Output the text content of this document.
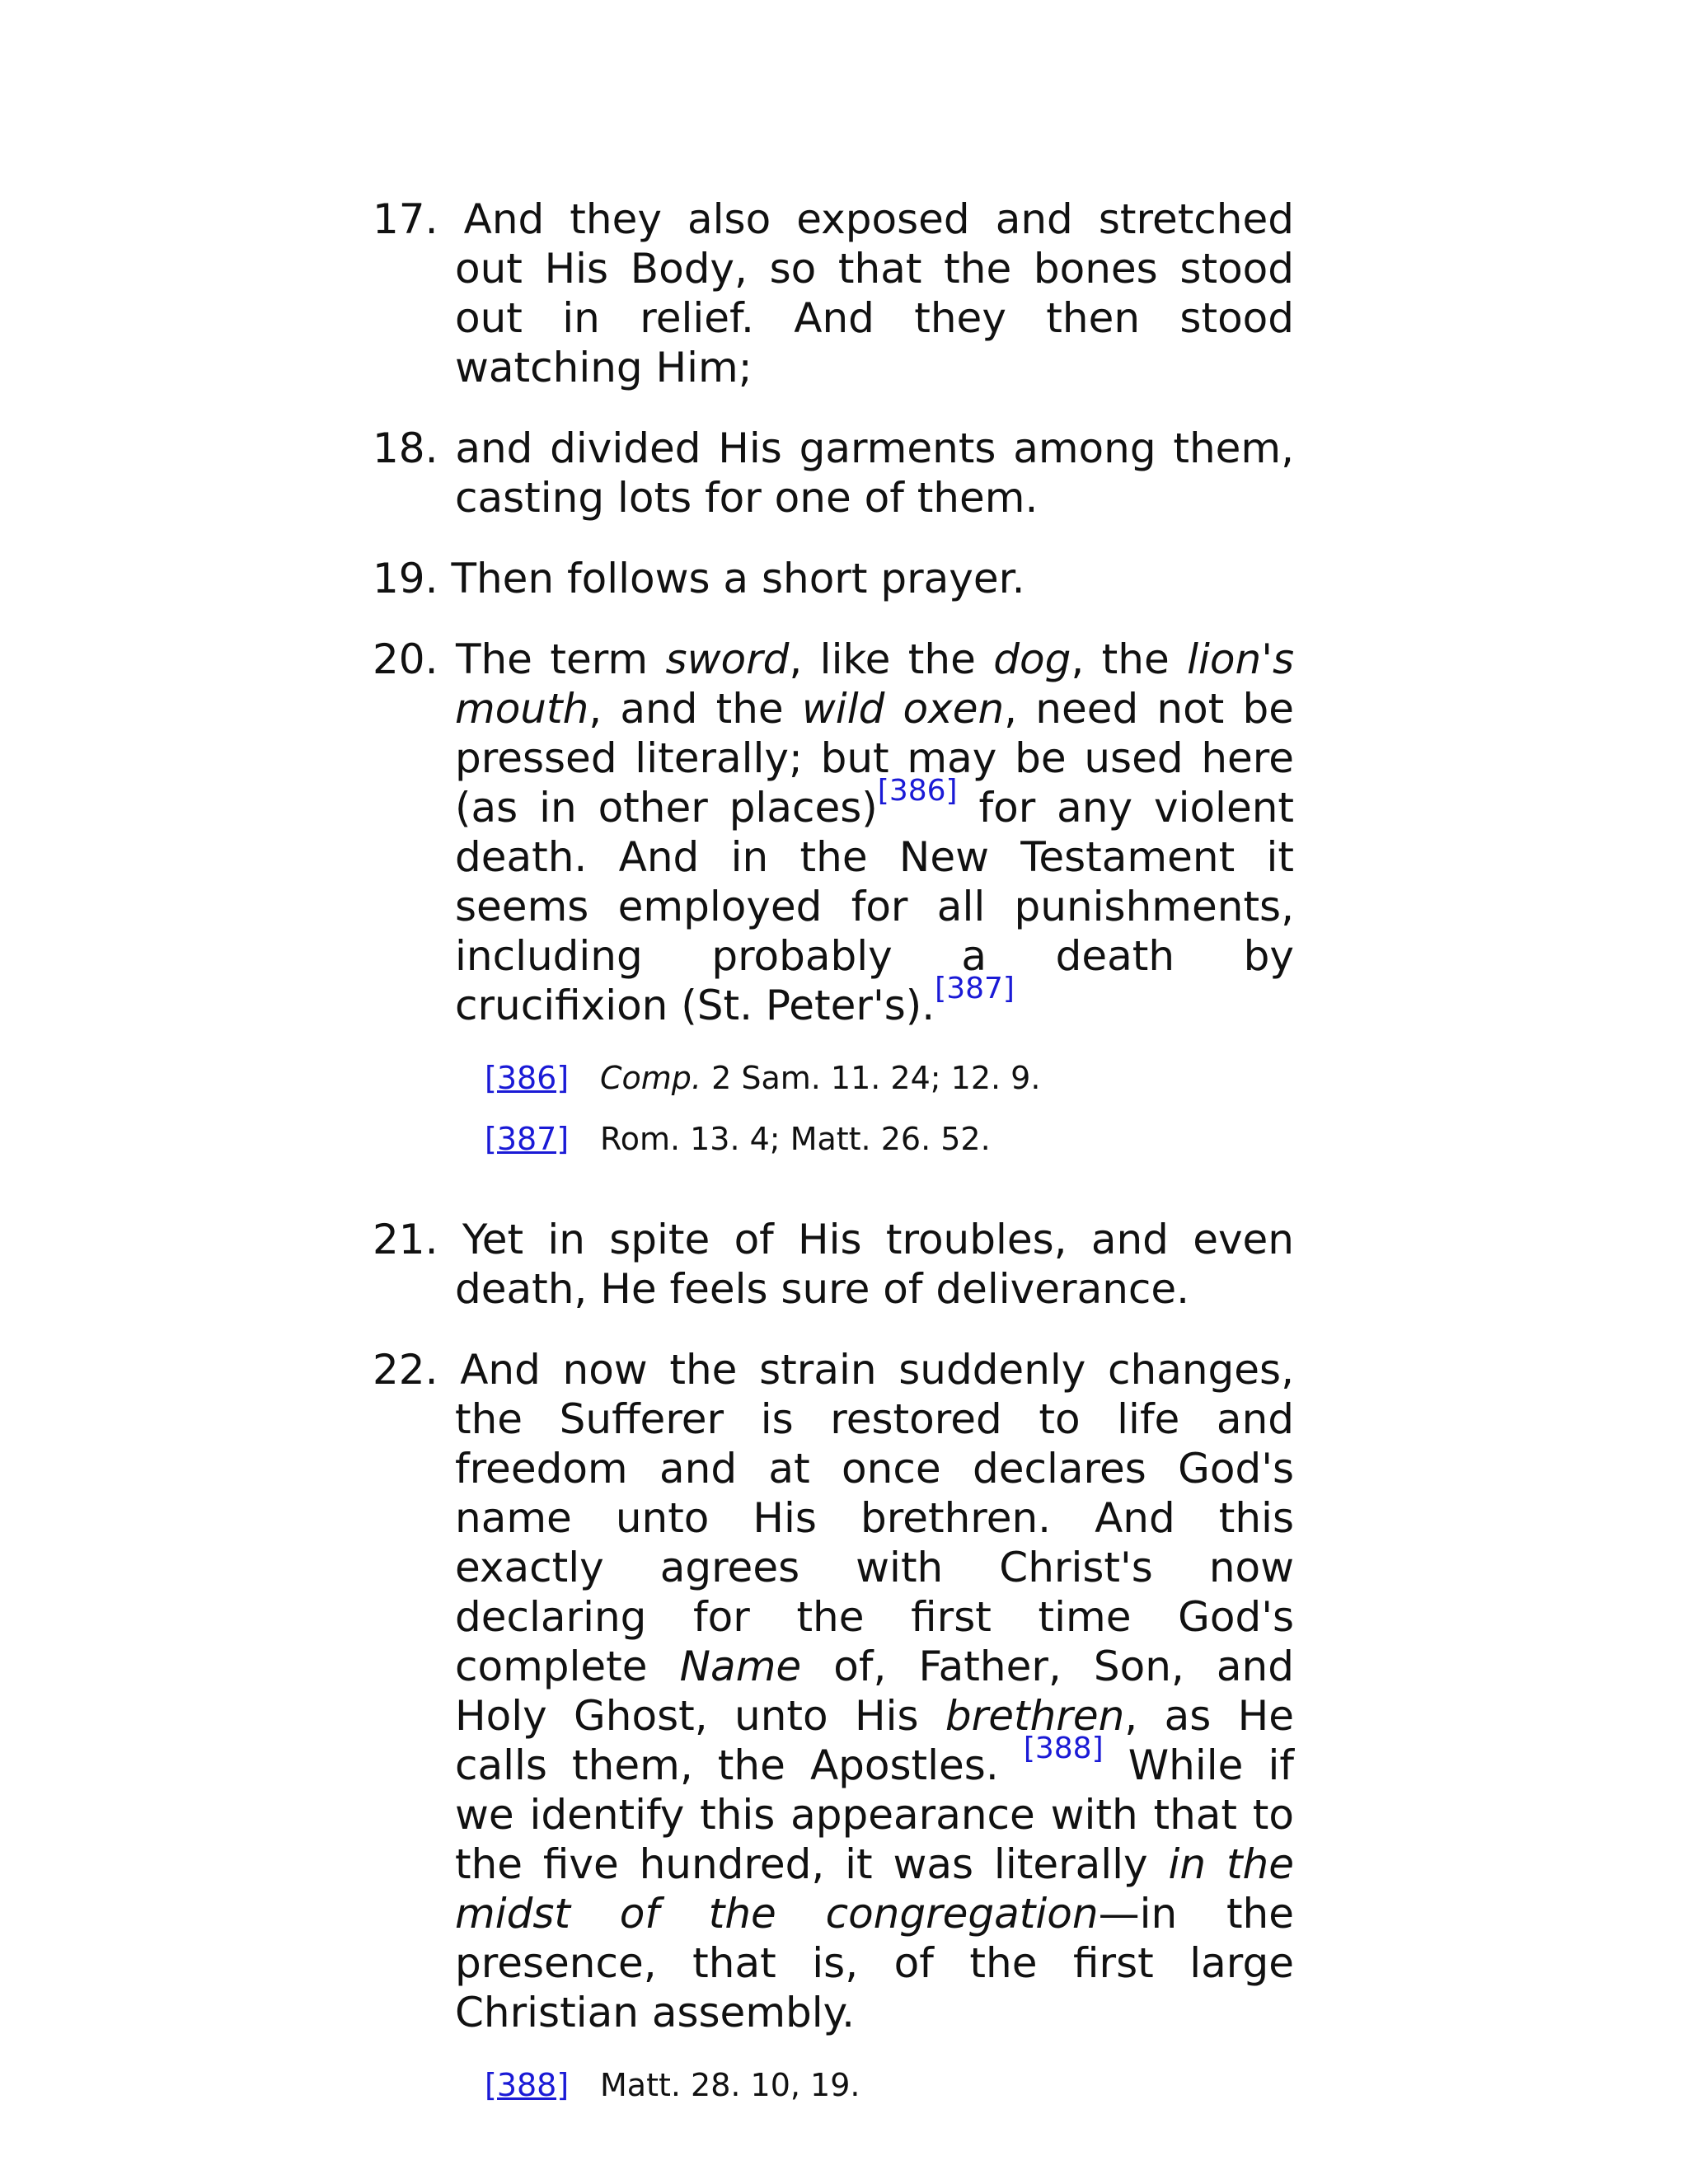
17. And they also exposed and stretched out His Body, so that the bones stood out in relief. And they then stood watching Him;

18. and divided His garments among them, casting lots for one of them.

19. Then follows a short prayer.

20. The term sword, like the dog, the lion's mouth, and the wild oxen, need not be pressed literally; but may be used here (as in other places)[386] for any violent death. And in the New Testament it seems employed for all punishments, including probably a death by crucifixion (St. Peter's).[387]

[386] Comp. 2 Sam. 11. 24; 12. 9.
[387] Rom. 13. 4; Matt. 26. 52.

21. Yet in spite of His troubles, and even death, He feels sure of deliverance.

22. And now the strain suddenly changes, the Sufferer is restored to life and freedom and at once declares God's name unto His brethren. And this exactly agrees with Christ's now declaring for the first time God's complete Name of, Father, Son, and Holy Ghost, unto His brethren, as He calls them, the Apostles. [388] While if we identify this appearance with that to the five hundred, it was literally in the midst of the congregation—in the presence, that is, of the first large Christian assembly.

[388] Matt. 28. 10, 19.
